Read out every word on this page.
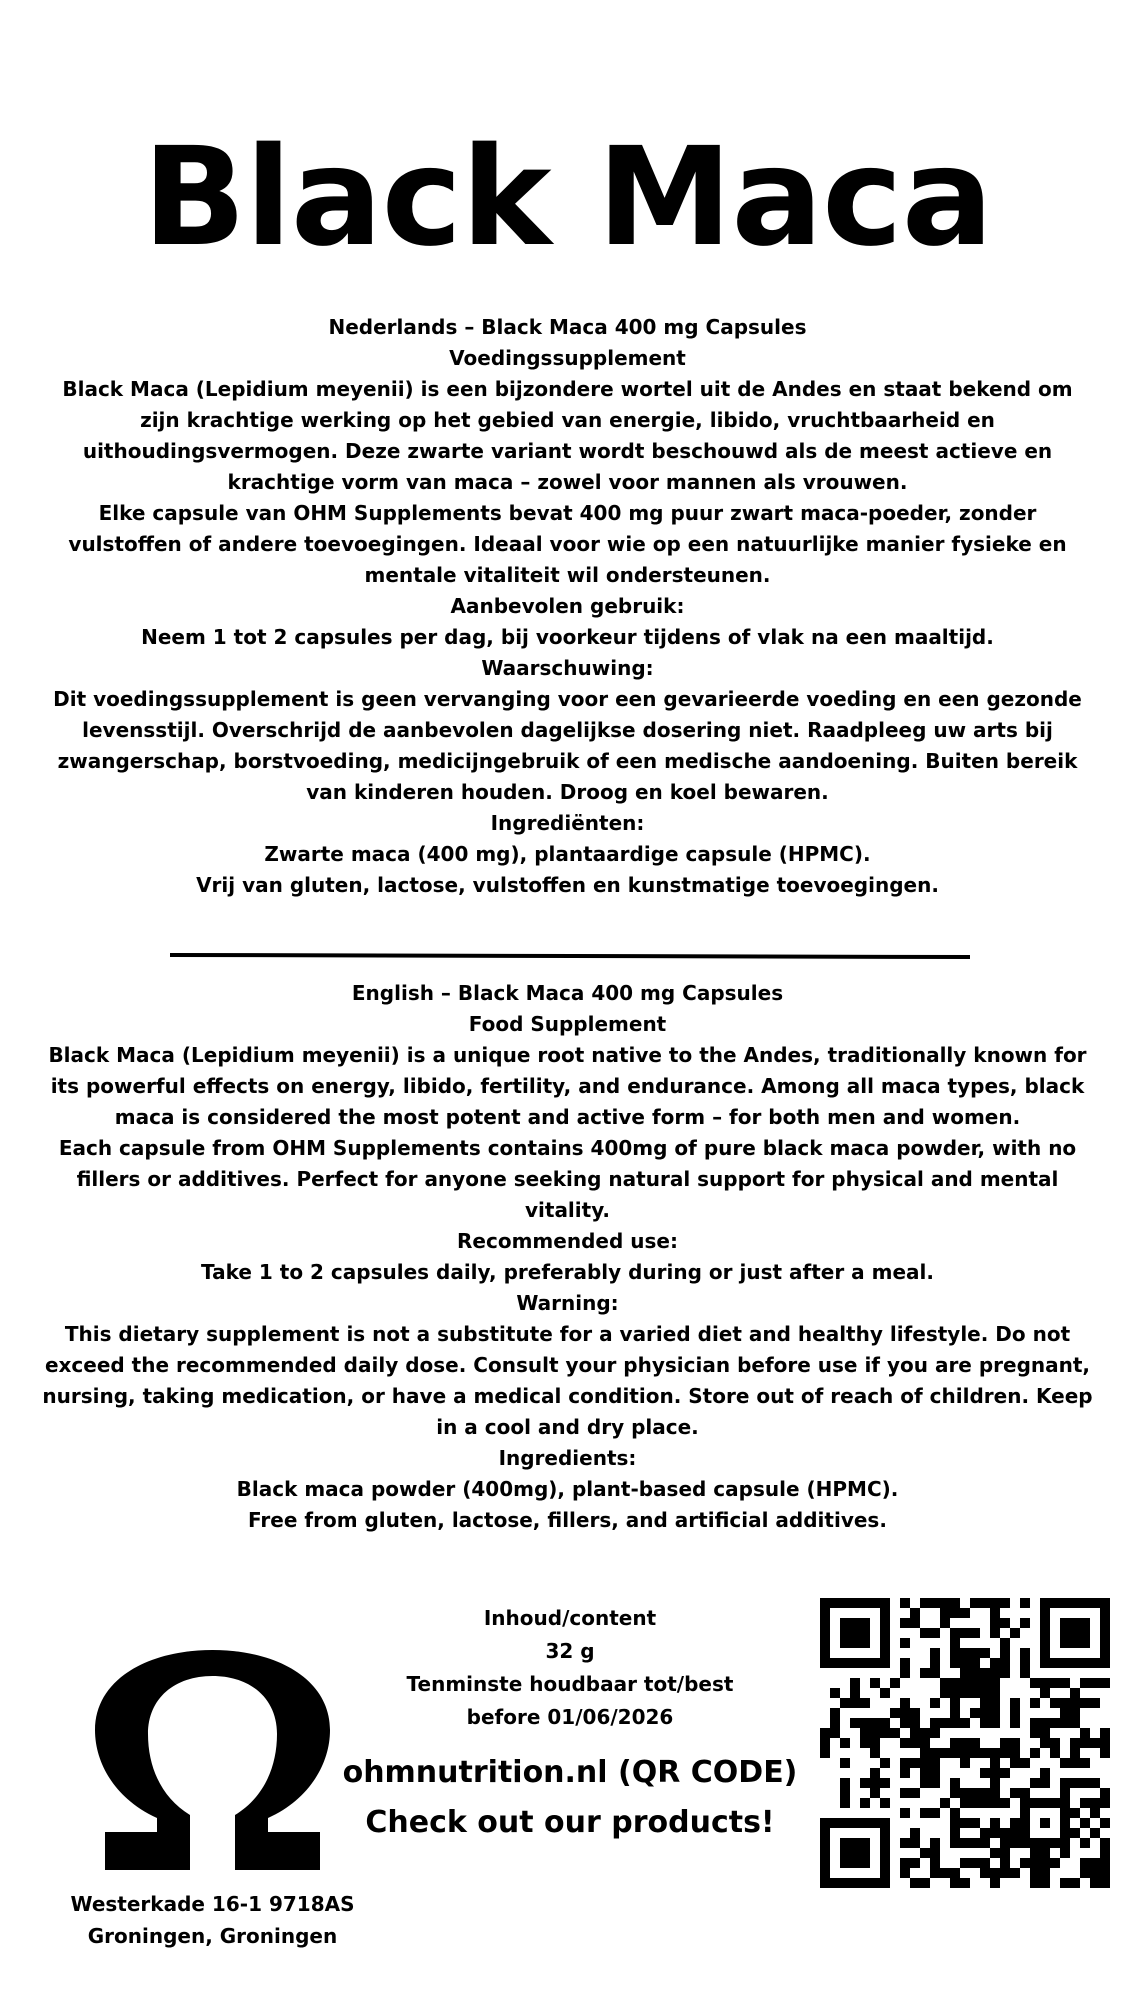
Black Maca

Nederlands – Black Maca 400 mg Capsules

Voedingssupplement

Black Maca (Lepidium meyenii) is een bijzondere wortel uit de Andes en staat bekend om zijn krachtige werking op het gebied van energie, libido, vruchtbaarheid en uithoudingsvermogen. Deze zwarte variant wordt beschouwd als de meest actieve en krachtige vorm van maca – zowel voor mannen als vrouwen.

Elke capsule van OHM Supplements bevat 400 mg puur zwart maca-poeder, zonder vulstoffen of andere toevoegingen. Ideaal voor wie op een natuurlijke manier fysieke en mentale vitaliteit wil ondersteunen.

Aanbevolen gebruik:

Neem 1 tot 2 capsules per dag, bij voorkeur tijdens of vlak na een maaltijd.

Waarschuwing:

Dit voedingssupplement is geen vervanging voor een gevarieerde voeding en een gezonde levensstijl. Overschrijd de aanbevolen dagelijkse dosering niet. Raadpleeg uw arts bij zwangerschap, borstvoeding, medicijngebruik of een medische aandoening. Buiten bereik van kinderen houden. Droog en koel bewaren.

Ingrediënten:

Zwarte maca (400 mg), plantaardige capsule (HPMC).

Vrij van gluten, lactose, vulstoffen en kunstmatige toevoegingen.

English – Black Maca 400 mg Capsules

Food Supplement

Black Maca (Lepidium meyenii) is a unique root native to the Andes, traditionally known for its powerful effects on energy, libido, fertility, and endurance. Among all maca types, black maca is considered the most potent and active form – for both men and women.

Each capsule from OHM Supplements contains 400mg of pure black maca powder, with no fillers or additives. Perfect for anyone seeking natural support for physical and mental vitality.

Recommended use:

Take 1 to 2 capsules daily, preferably during or just after a meal.

Warning:

This dietary supplement is not a substitute for a varied diet and healthy lifestyle. Do not exceed the recommended daily dose. Consult your physician before use if you are pregnant, nursing, taking medication, or have a medical condition. Store out of reach of children. Keep in a cool and dry place.

Ingredients:

Black maca powder (400mg), plant-based capsule (HPMC).

Free from gluten, lactose, fillers, and artificial additives.

Westerkade 16-1 9718AS
Groningen, Groningen
Inhoud/content
32 g
Tenminste houdbaar tot/best
before 01/06/2026
ohmnutrition.nl (QR CODE)
Check out our products!
